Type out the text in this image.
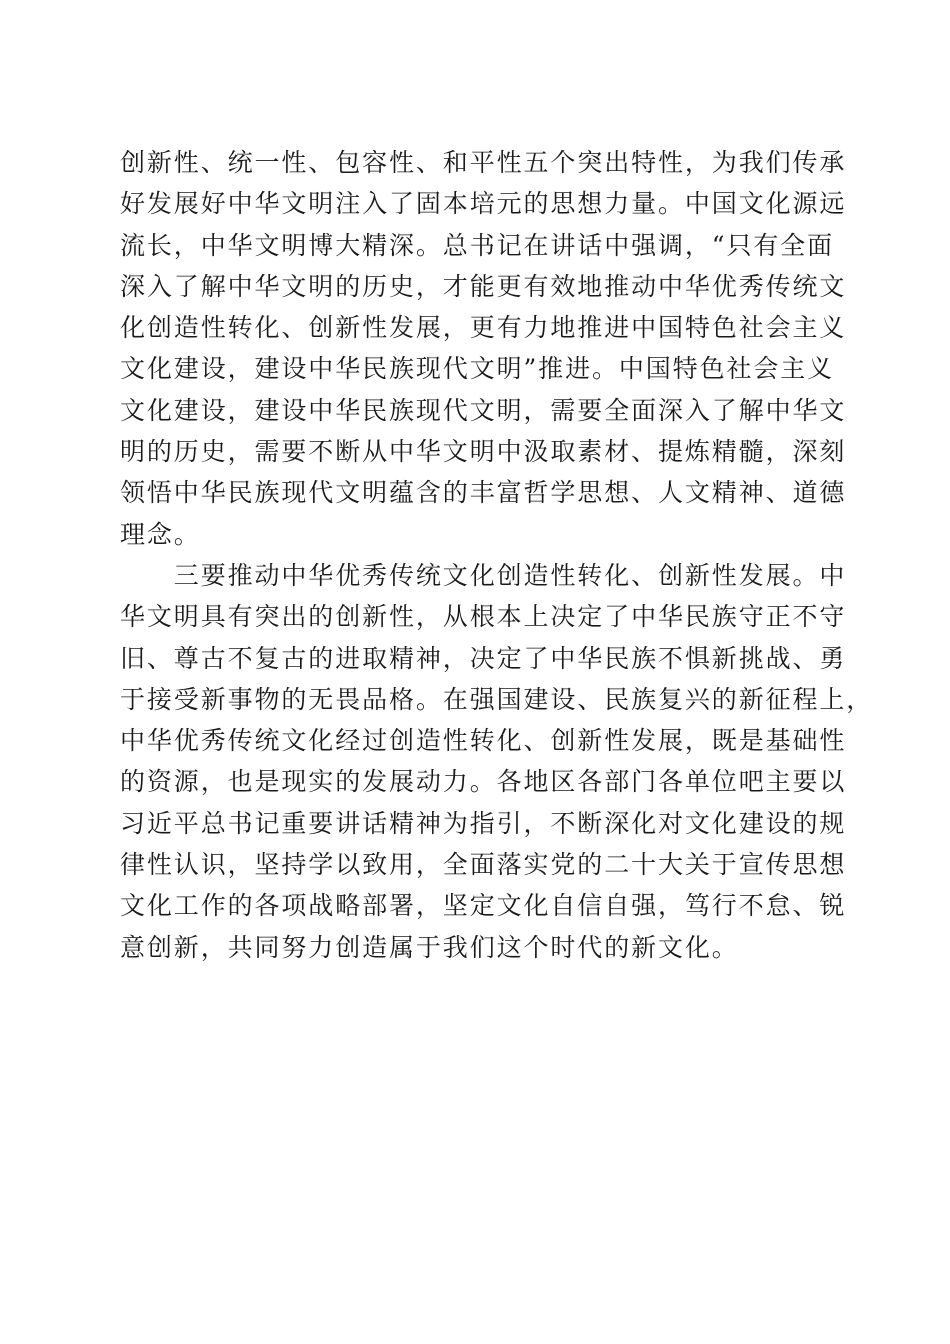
创新性、统一性、包容性、和平性五个突出特性，为我们传承
好发展好中华文明注入了固本培元的思想力量。中国文化源远
流长，中华文明博大精深。总书记在讲话中强调，“只有全面
深入了解中华文明的历史，才能更有效地推动中华优秀传统文
化创造性转化、创新性发展，更有力地推进中国特色社会主义
文化建设，建设中华民族现代文明”推进。中国特色社会主义
文化建设，建设中华民族现代文明，需要全面深入了解中华文
明的历史，需要不断从中华文明中汲取素材、提炼精髓，深刻
领悟中华民族现代文明蕴含的丰富哲学思想、人文精神、道德
理念。
　　三要推动中华优秀传统文化创造性转化、创新性发展。中
华文明具有突出的创新性，从根本上决定了中华民族守正不守
旧、尊古不复古的进取精神，决定了中华民族不惧新挑战、勇
于接受新事物的无畏品格。在强国建设、民族复兴的新征程上，
中华优秀传统文化经过创造性转化、创新性发展，既是基础性
的资源，也是现实的发展动力。各地区各部门各单位吧主要以
习近平总书记重要讲话精神为指引，不断深化对文化建设的规
律性认识，坚持学以致用，全面落实党的二十大关于宣传思想
文化工作的各项战略部署，坚定文化自信自强，笃行不怠、锐
意创新，共同努力创造属于我们这个时代的新文化。
